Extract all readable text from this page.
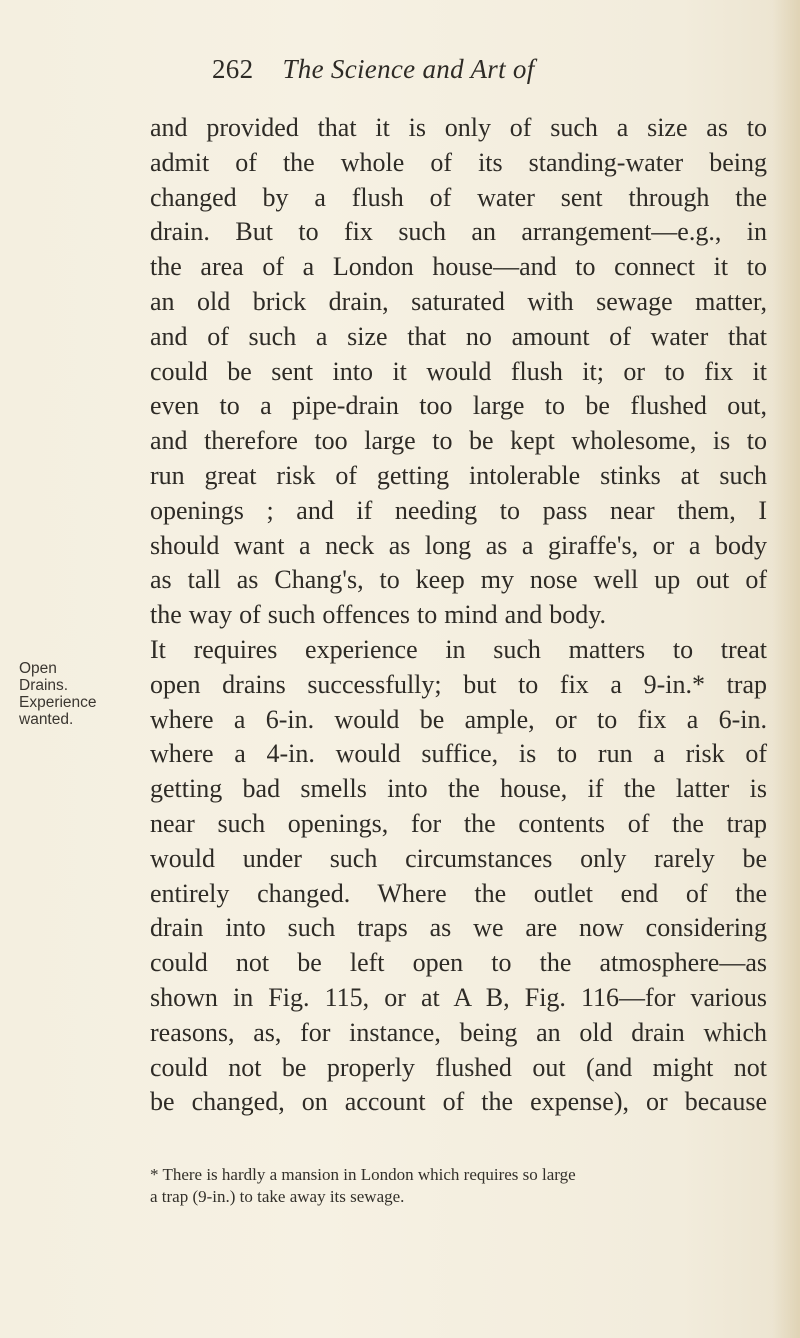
262 The Science and Art of
Open
Drains.
Experience
wanted.
and provided that it is only of such a size as to
admit of the whole of its standing-water being
changed by a flush of water sent through the
drain. But to fix such an arrangement—e.g., in
the area of a London house—and to connect it to
an old brick drain, saturated with sewage matter,
and of such a size that no amount of water that
could be sent into it would flush it; or to fix it
even to a pipe-drain too large to be flushed out,
and therefore too large to be kept wholesome, is to
run great risk of getting intolerable stinks at such
openings ; and if needing to pass near them, I
should want a neck as long as a giraffe's, or a body
as tall as Chang's, to keep my nose well up out of
the way of such offences to mind and body.
It requires experience in such matters to treat
open drains successfully; but to fix a 9-in.* trap
where a 6-in. would be ample, or to fix a 6-in.
where a 4-in. would suffice, is to run a risk of
getting bad smells into the house, if the latter is
near such openings, for the contents of the trap
would under such circumstances only rarely be
entirely changed. Where the outlet end of the
drain into such traps as we are now considering
could not be left open to the atmosphere—as
shown in Fig. 115, or at A B, Fig. 116—for various
reasons, as, for instance, being an old drain which
could not be properly flushed out (and might not
be changed, on account of the expense), or because
* There is hardly a mansion in London which requires so large
a trap (9-in.) to take away its sewage.
